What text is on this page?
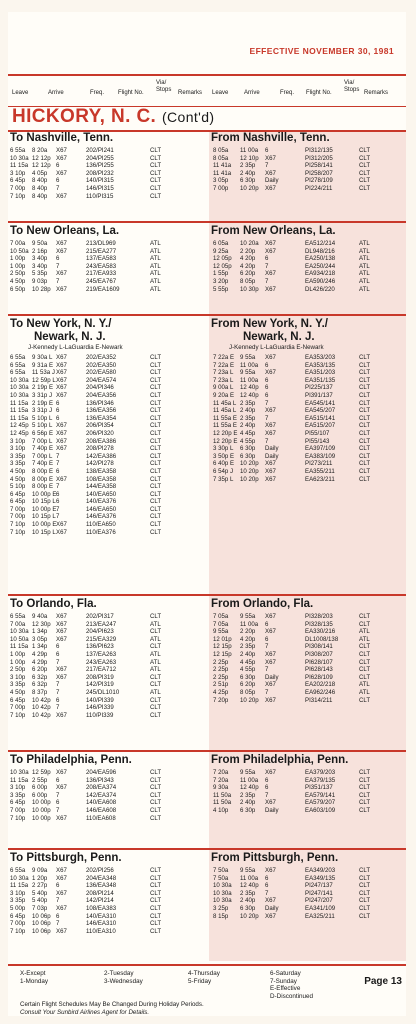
EFFECTIVE NOVEMBER 30, 1981
Leave	Arrive	Freq. Flight No.
Via/ Stops Remarks Leave	Arrive	Freq. Flight No.
Via/ Stops Remarks
HICKORY, N. C. (Cont'd)
To Nashville, Tenn.
6 55a 8 20a X67	202/PI241	CLT
10 30a 12 12p X67	204/PI255	CLT
11 15a 12 12p 6	136/PI255	CLT
3 10p 4 05p X67	208/PI232	CLT
6 45p 8 40p 6	140/PI315	CLT
7 00p 8 40p 7	146/PI315	CLT
7 10p 8 40p X67	110/PI315	CLT
From Nashville, Tenn.
8 05a 11 00a 6	PI312/135	CLT
8 05a 12 10p X67	PI312/205	CLT
11 41a 2 35p 7	PI258/141	CLT
11 41a 2 40p X67	PI258/207	CLT
3 05p 6 30p Daily	PI278/109	CLT
7 00p 10 20p X67	PI224/211	CLT
To New Orleans, La.
7 00a 9 50a X67	213/DL969	ATL
10 50a 2 16p X67	215/EA277	ATL
1 00p 3 40p 6	137/EA583	ATL
1 00p 3 40p 7	243/EA583	ATL
2 50p 5 35p X67	217/EA933	ATL
4 50p 9 03p 7	245/EA767	ATL
6 50p 10 28p X67	219/EA1609	ATL
From New Orleans, La.
6 05a 10 20a X67	EA512/214	ATL
9 25a 2 20p X67	DL948/216	ATL
12 05p 4 20p 6	EA250/138	ATL
12 05p 4 20p 7	EA250/244	ATL
1 55p 6 20p X67	EA934/218	ATL
3 20p 8 05p 7	EA590/246	ATL
5 55p 10 30p X67	DL426/220	ATL
To New York, N. Y./
Newark, N. J.
J-Kennedy L-LaGuardia E-Newark
6 55a 9 30a L X67	202/EA352	CLT
6 55a 9 31a E X67	202/EA350	CLT
6 55a 11 53a J X67	202/EA580	CLT
10 30a 12 59p L X67	204/EA574	CLT
10 30a 2 19p E X67	204/PI346	CLT
10 30a 3 31p J X67	204/EA356	CLT
11 15a 2 19p E 6	136/PI346	CLT
11 15a 3 31p J 6	136/EA356	CLT
11 15a 5 10p L 6	136/EA354	CLT
12 45p 5 10p L X67	206/PI354	CLT
12 45p 6 56p E X67	206/PI320	CLT
3 10p 7 00p L X67	208/EA386	CLT
3 10p 7 40p E X67	208/PI278	CLT
3 35p 7 00p L 7	142/EA386	CLT
3 35p 7 40p E 7	142/PI278	CLT
4 50p 8 00p E 6	138/EA358	CLT
4 50p 8 00p E X67	108/EA358	CLT
5 10p 8 00p E 7	144/EA358	CLT
6 45p 10 00p E 6	140/EA650	CLT
6 45p 10 15p L 6	140/EA376	CLT
7 00p 10 00p E 7	146/EA650	CLT
7 00p 10 15p L 7	146/EA376	CLT
7 10p 10 00p E X67	110/EA650	CLT
7 10p 10 15p L X67	110/EA376	CLT
From New York, N. Y./
Newark, N. J.
J-Kennedy L-LaGuardia E-Newark
7 22a E 9 55a X67	EA353/203	CLT
7 22a E 11 00a 6	EA353/135	CLT
7 23a L 9 55a X67	EA351/203	CLT
7 23a L 11 00a 6	EA351/135	CLT
9 00a L 12 40p 6	PI225/137	CLT
9 20a E 12 40p 6	PI391/137	CLT
11 45a L 2 35p 7	EA545/141	CLT
11 45a L 2 40p X67	EA545/207	CLT
11 55a E 2 35p 7	EA515/141	CLT
11 55a E 2 40p X67	EA515/207	CLT
12 20p E 4 45p X67	PI55/107	CLT
12 20p E 4 55p 7	PI55/143	CLT
3 30p L 6 30p Daily	EA397/109	CLT
3 50p E 6 30p Daily	EA383/109	CLT
6 40p E 10 20p X67	PI273/211	CLT
6 54p J 10 20p X67	EA355/211	CLT
7 35p L 10 20p X67	EA623/211	CLT
To Orlando, Fla.
6 55a 9 40a X67	202/PI317	CLT
7 00a 12 30p X67	213/EA247	ATL
10 30a 1 34p X67	204/PI623	CLT
10 50a 3 05p X67	215/EA329	ATL
11 15a 1 34p 6	136/PI623	CLT
1 00p 4 29p 6	137/EA263	ATL
1 00p 4 29p 7	243/EA263	ATL
2 50p 6 20p X67	217/EA712	ATL
3 10p 6 32p X67	208/PI319	CLT
3 35p 6 32p 7	142/PI319	CLT
4 50p 8 37p 7	245/DL1010	ATL
6 45p 10 42p 6	140/PI339	CLT
7 00p 10 42p 7	146/PI339	CLT
7 10p 10 42p X67	110/PI339	CLT
From Orlando, Fla.
7 05a 9 55a X67	PI328/203	CLT
7 05a 11 00a 6	PI328/135	CLT
9 55a 2 20p X67	EA330/216	ATL
12 01p 4 20p 6	DL1008/138	ATL
12 15p 2 35p 7	PI308/141	CLT
12 15p 2 40p X67	PI308/207	CLT
2 25p 4 45p X67	PI628/107	CLT
2 25p 4 55p 7	PI628/143	CLT
2 25p 6 30p Daily	PI628/109	CLT
2 51p 6 20p X67	EA202/218	ATL
4 25p 8 05p 7	EA962/246	ATL
7 20p 10 20p X67	PI314/211	CLT
To Philadelphia, Penn.
10 30a 12 59p X67	204/EA596	CLT
11 15a 2 55p 6	136/PI343	CLT
3 10p 6 00p X67	208/EA374	CLT
3 35p 6 00p 7	142/EA374	CLT
6 45p 10 00p 6	140/EA608	CLT
7 00p 10 00p 7	146/EA608	CLT
7 10p 10 00p X67	110/EA608	CLT
From Philadelphia, Penn.
7 20a 9 55a X67	EA379/203	CLT
7 20a 11 00a 6	EA379/135	CLT
9 30a 12 40p 6	PI351/137	CLT
11 50a 2 35p 7	EA579/141	CLT
11 50a 2 40p X67	EA579/207	CLT
4 10p 6 30p Daily	EA603/109	CLT
To Pittsburgh, Penn.
6 55a 9 09a X67	202/PI256	CLT
10 30a 1 20p X67	204/EA348	CLT
11 15a 2 27p 6	136/EA348	CLT
3 10p 5 40p X67	208/PI214	CLT
3 35p 5 40p 7	142/PI214	CLT
5 00p 7 03p X67	108/EA383	CLT
6 45p 10 06p 6	140/EA310	CLT
7 00p 10 06p 7	146/EA310	CLT
7 10p 10 06p X67	110/EA310	CLT
From Pittsburgh, Penn.
7 50a 9 55a X67	EA349/203	CLT
7 50a 11 00a 6	EA349/135	CLT
10 30a 12 40p 6	PI247/137	CLT
10 30a 2 35p 7	PI247/141	CLT
10 30a 2 40p X67	PI247/207	CLT
3 25p 6 30p Daily	EA341/109	CLT
8 15p 10 20p X67	EA325/211	CLT
X-Except
1-Monday
2-Tuesday
3-Wednesday
4-Thursday
5-Friday
6-Saturday
7-Sunday
E-Effective
D-Discontinued
Page 13
Certain Flight Schedules May Be Changed During Holiday Periods.
Consult Your Sunbird Airlines Agent for Details.
